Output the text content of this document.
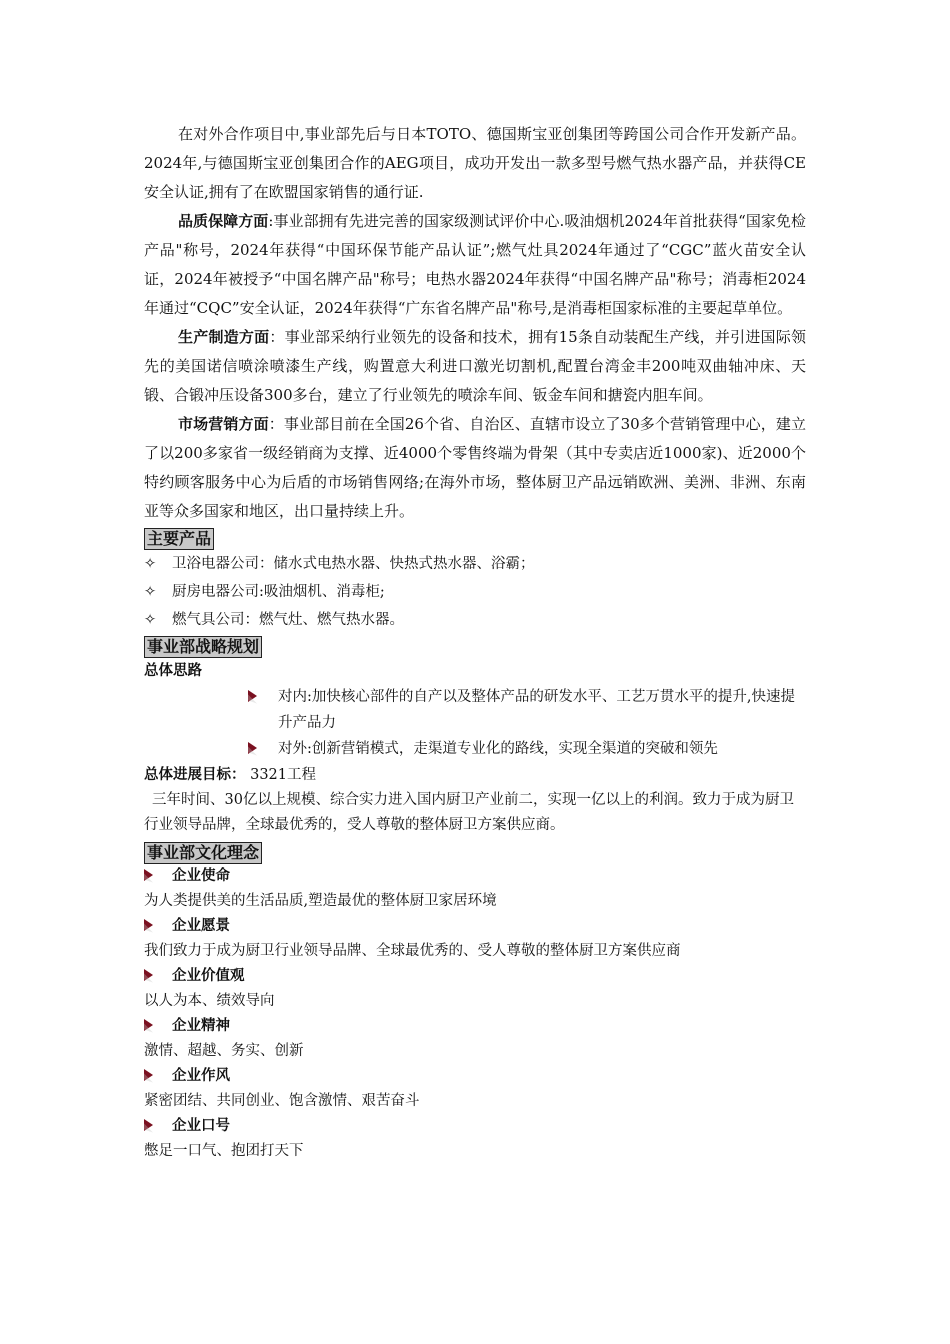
在对外合作项目中,事业部先后与日本TOTO、德国斯宝亚创集团等跨国公司合作开发新产品。 2024年,与德国斯宝亚创集团合作的AEG项目，成功开发出一款多型号燃气热水器产品，并获得CE安全认证,拥有了在欧盟国家销售的通行证.

品质保障方面:事业部拥有先进完善的国家级测试评价中心.吸油烟机2024年首批获得“国家免检产品"称号，2024年获得“中国环保节能产品认证”;燃气灶具2024年通过了“CGC”蓝火苗安全认证，2024年被授予“中国名牌产品"称号；电热水器2024年获得“中国名牌产品"称号；消毒柜2024年通过“CQC”安全认证，2024年获得“广东省名牌产品"称号,是消毒柜国家标准的主要起草单位。

生产制造方面：事业部采纳行业领先的设备和技术，拥有15条自动装配生产线，并引进国际领先的美国诺信喷涂喷漆生产线，购置意大利进口激光切割机,配置台湾金丰200吨双曲轴冲床、天锻、合锻冲压设备300多台，建立了行业领先的喷涂车间、钣金车间和搪瓷内胆车间。

市场营销方面：事业部目前在全国26个省、自治区、直辖市设立了30多个营销管理中心，建立了以200多家省一级经销商为支撑、近4000个零售终端为骨架（其中专卖店近1000家)、近2000个特约顾客服务中心为后盾的市场销售网络;在海外市场，整体厨卫产品远销欧洲、美洲、非洲、东南亚等众多国家和地区，出口量持续上升。

主要产品
✧	卫浴电器公司：储水式电热水器、快热式热水器、浴霸；
✧	厨房电器公司:吸油烟机、消毒柜;
✧	燃气具公司：燃气灶、燃气热水器。
事业部战略规划
总体思路
对内:加快核心部件的自产以及整体产品的研发水平、工艺万贯水平的提升,快速提升产品力
对外:创新营销模式，走渠道专业化的路线，实现全渠道的突破和领先
总体进展目标： 3321工程
三年时间、30亿以上规模、综合实力进入国内厨卫产业前二，实现一亿以上的利润。致力于成为厨卫行业领导品牌，全球最优秀的，受人尊敬的整体厨卫方案供应商。
事业部文化理念
企业使命
为人类提供美的生活品质,塑造最优的整体厨卫家居环境
企业愿景
我们致力于成为厨卫行业领导品牌、全球最优秀的、受人尊敬的整体厨卫方案供应商
企业价值观
以人为本、绩效导向
企业精神
激情、超越、务实、创新
企业作风
紧密团结、共同创业、饱含激情、艰苦奋斗
企业口号
憋足一口气、抱团打天下
